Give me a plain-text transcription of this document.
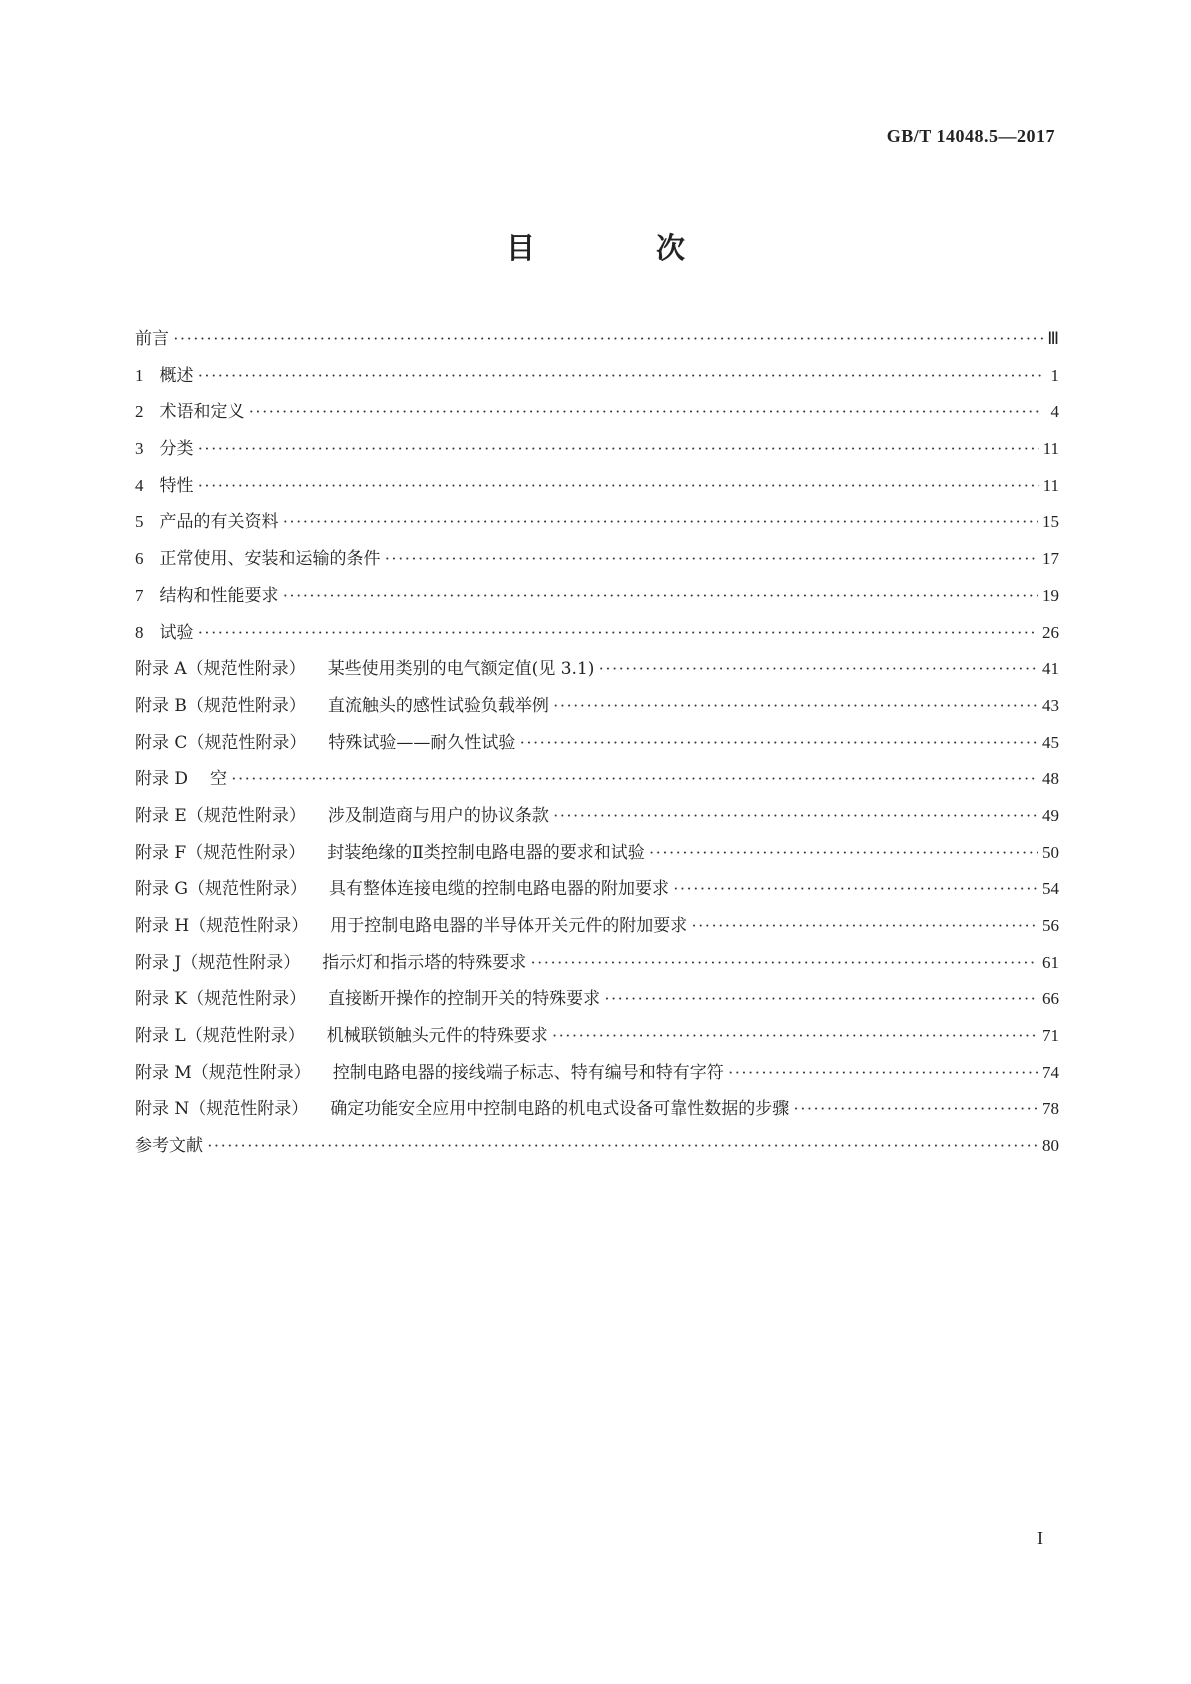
GB/T 14048.5—2017
目　次
前言 ·····	Ⅲ
1 概述 ·····	1
2 术语和定义 ·····	4
3 分类 ·····	11
4 特性 ·····	11
5 产品的有关资料 ·····	15
6 正常使用、安装和运输的条件 ·····	17
7 结构和性能要求 ·····	19
8 试验 ·····	26
附录 A（规范性附录） 某些使用类别的电气额定值(见 3.1) ·····	41
附录 B（规范性附录） 直流触头的感性试验负载举例 ·····	43
附录 C（规范性附录） 特殊试验——耐久性试验 ·····	45
附录 D 空 ·····	48
附录 E（规范性附录） 涉及制造商与用户的协议条款 ·····	49
附录 F（规范性附录） 封装绝缘的Ⅱ类控制电路电器的要求和试验 ·····	50
附录 G（规范性附录） 具有整体连接电缆的控制电路电器的附加要求 ·····	54
附录 H（规范性附录） 用于控制电路电器的半导体开关元件的附加要求 ·····	56
附录 J（规范性附录） 指示灯和指示塔的特殊要求 ·····	61
附录 K（规范性附录） 直接断开操作的控制开关的特殊要求 ·····	66
附录 L（规范性附录） 机械联锁触头元件的特殊要求 ·····	71
附录 M（规范性附录） 控制电路电器的接线端子标志、特有编号和特有字符 ·····	74
附录 N（规范性附录） 确定功能安全应用中控制电路的机电式设备可靠性数据的步骤 ·····	78
参考文献 ·····	80
I
